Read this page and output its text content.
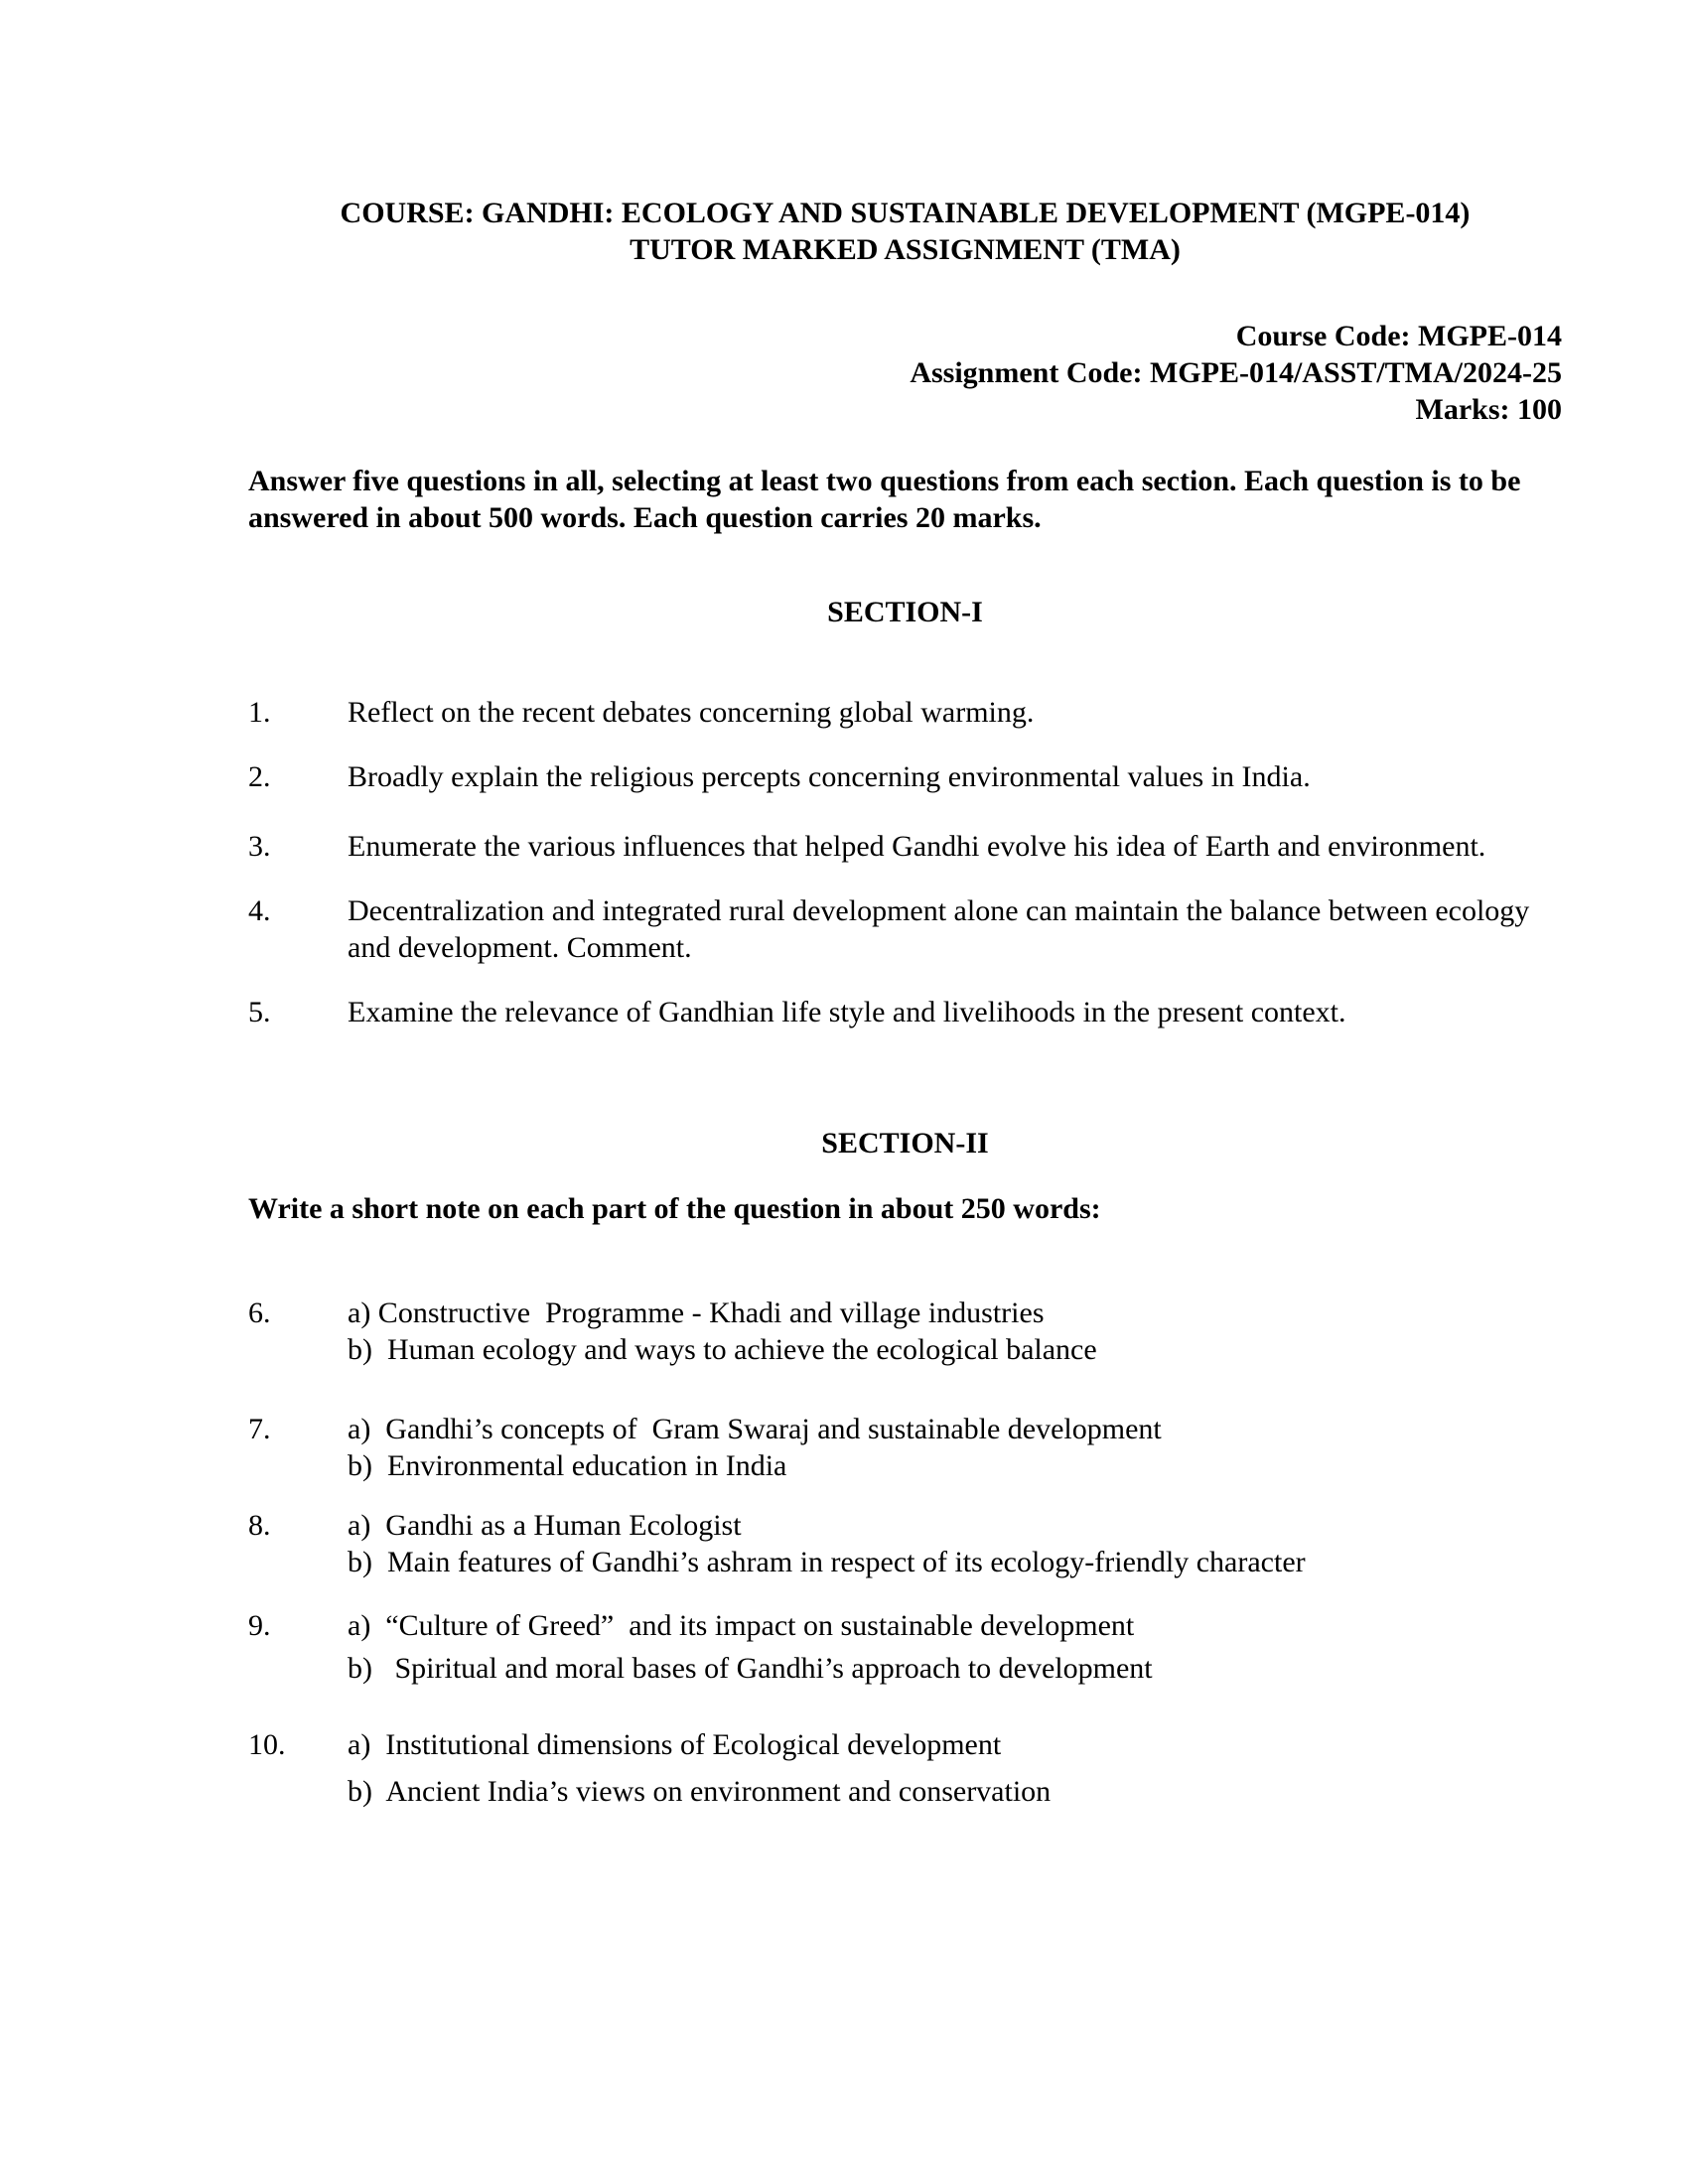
COURSE: GANDHI: ECOLOGY AND SUSTAINABLE DEVELOPMENT (MGPE-014)
TUTOR MARKED ASSIGNMENT (TMA)
Course Code: MGPE-014
Assignment Code: MGPE-014/ASST/TMA/2024-25
Marks: 100
Answer five questions in all, selecting at least two questions from each section. Each question is to be
answered in about 500 words. Each question carries 20 marks.
SECTION-I
1.	Reflect on the recent debates concerning global warming.
2.	Broadly explain the religious percepts concerning environmental values in India.
3.	Enumerate the various influences that helped Gandhi evolve his idea of Earth and environment.
4.	Decentralization and integrated rural development alone can maintain the balance between ecology
and development. Comment.
5.	Examine the relevance of Gandhian life style and livelihoods in the present context.
SECTION-II
Write a short note on each part of the question in about 250 words:
6.	a) Constructive  Programme - Khadi and village industries
b)  Human ecology and ways to achieve the ecological balance
7.	a)  Gandhi’s concepts of  Gram Swaraj and sustainable development
b)  Environmental education in India
8.	a)  Gandhi as a Human Ecologist
b)  Main features of Gandhi’s ashram in respect of its ecology-friendly character
9.	a)  “Culture of Greed”  and its impact on sustainable development
b)   Spiritual and moral bases of Gandhi’s approach to development
10.	a)  Institutional dimensions of Ecological development
b)  Ancient India’s views on environment and conservation
